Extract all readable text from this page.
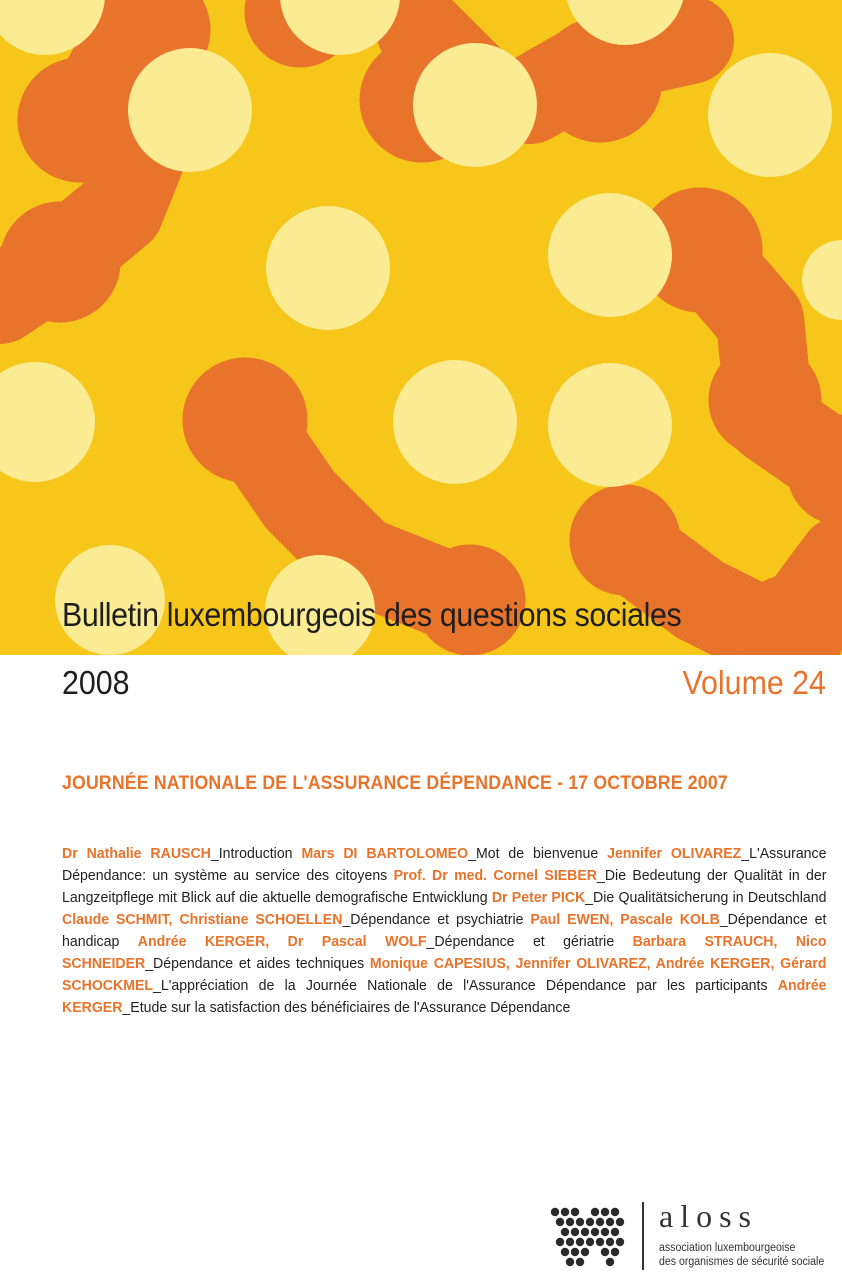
Bulletin luxembourgeois des questions sociales
2008	Volume 24
JOURNÉE NATIONALE DE L'ASSURANCE DÉPENDANCE - 17 OCTOBRE 2007

Dr Nathalie RAUSCH_Introduction Mars DI BARTOLOMEO_Mot de bienvenue Jennifer OLIVAREZ_L'Assurance Dépendance: un système au service des citoyens Prof. Dr med. Cornel SIEBER_Die Bedeutung der Qualität in der Langzeitpflege mit Blick auf die aktuelle demografische Entwicklung Dr Peter PICK_Die Qualitätsicherung in Deutschland Claude SCHMIT, Christiane SCHOELLEN_Dépendance et psychiatrie Paul EWEN, Pascale KOLB_Dépendance et handicap Andrée KERGER, Dr Pascal WOLF_Dépendance et gériatrie Barbara STRAUCH, Nico SCHNEIDER_Dépendance et aides techniques Monique CAPESIUS, Jennifer OLIVAREZ, Andrée KERGER, Gérard SCHOCKMEL_L'appréciation de la Journée Nationale de l'Assurance Dépendance par les participants Andrée KERGER_Etude sur la satisfaction des bénéficiaires de l'Assurance Dépendance

aloss
association luxembourgeoise
des organismes de sécurité sociale
